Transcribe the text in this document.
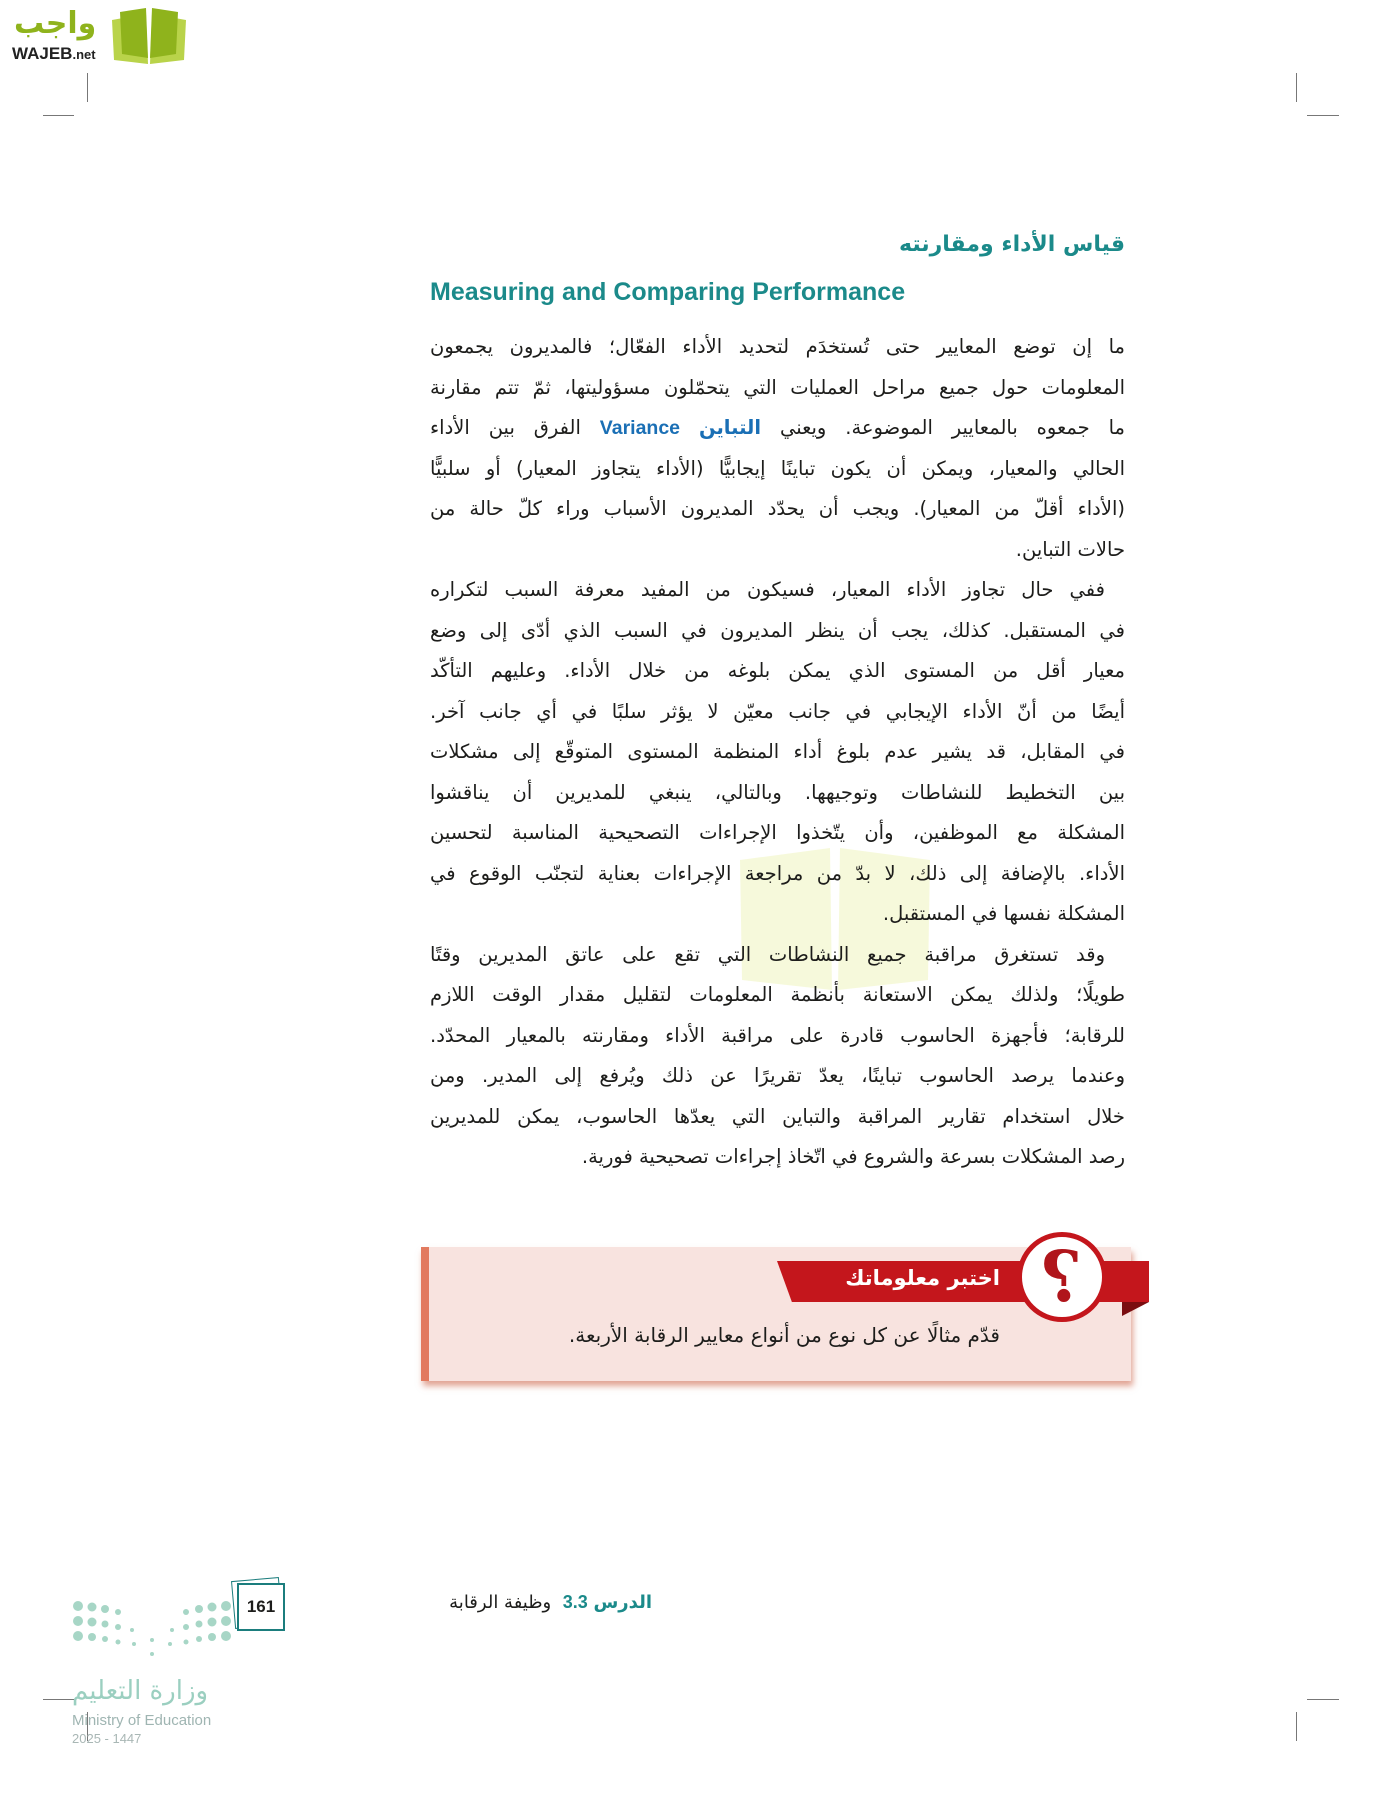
واجب
WAJEB.net
قياس الأداء ومقارنته
Measuring and Comparing Performance
ما إن توضع المعايير حتى تُستخدَم لتحديد الأداء الفعّال؛ فالمديرون يجمعون
المعلومات حول جميع مراحل العمليات التي يتحمّلون مسؤوليتها، ثمّ تتم مقارنة
ما جمعوه بالمعايير الموضوعة. ويعني التباين Variance الفرق بين الأداء
الحالي والمعيار، ويمكن أن يكون تباينًا إيجابيًّا (الأداء يتجاوز المعيار) أو سلبيًّا
(الأداء أقلّ من المعيار). ويجب أن يحدّد المديرون الأسباب وراء كلّ حالة من
حالات التباين.
ففي حال تجاوز الأداء المعيار، فسيكون من المفيد معرفة السبب لتكراره
في المستقبل. كذلك، يجب أن ينظر المديرون في السبب الذي أدّى إلى وضع
معيار أقل من المستوى الذي يمكن بلوغه من خلال الأداء. وعليهم التأكّد
أيضًا من أنّ الأداء الإيجابي في جانب معيّن لا يؤثر سلبًا في أي جانب آخر.
في المقابل، قد يشير عدم بلوغ أداء المنظمة المستوى المتوقّع إلى مشكلات
بين التخطيط للنشاطات وتوجيهها. وبالتالي، ينبغي للمديرين أن يناقشوا
المشكلة مع الموظفين، وأن يتّخذوا الإجراءات التصحيحية المناسبة لتحسين
الأداء. بالإضافة إلى ذلك، لا بدّ من مراجعة الإجراءات بعناية لتجنّب الوقوع في
المشكلة نفسها في المستقبل.
وقد تستغرق مراقبة جميع النشاطات التي تقع على عاتق المديرين وقتًا
طويلًا؛ ولذلك يمكن الاستعانة بأنظمة المعلومات لتقليل مقدار الوقت اللازم
للرقابة؛ فأجهزة الحاسوب قادرة على مراقبة الأداء ومقارنته بالمعيار المحدّد.
وعندما يرصد الحاسوب تباينًا، يعدّ تقريرًا عن ذلك ويُرفع إلى المدير. ومن
خلال استخدام تقارير المراقبة والتباين التي يعدّها الحاسوب، يمكن للمديرين
رصد المشكلات بسرعة والشروع في اتّخاذ إجراءات تصحيحية فورية.
اختبر معلوماتك ?
قدّم مثالًا عن كل نوع من أنواع معايير الرقابة الأربعة.
الدرس 3.3  وظيفة الرقابة
161
وزارة التعليم
Ministry of Education
2025 - 1447
